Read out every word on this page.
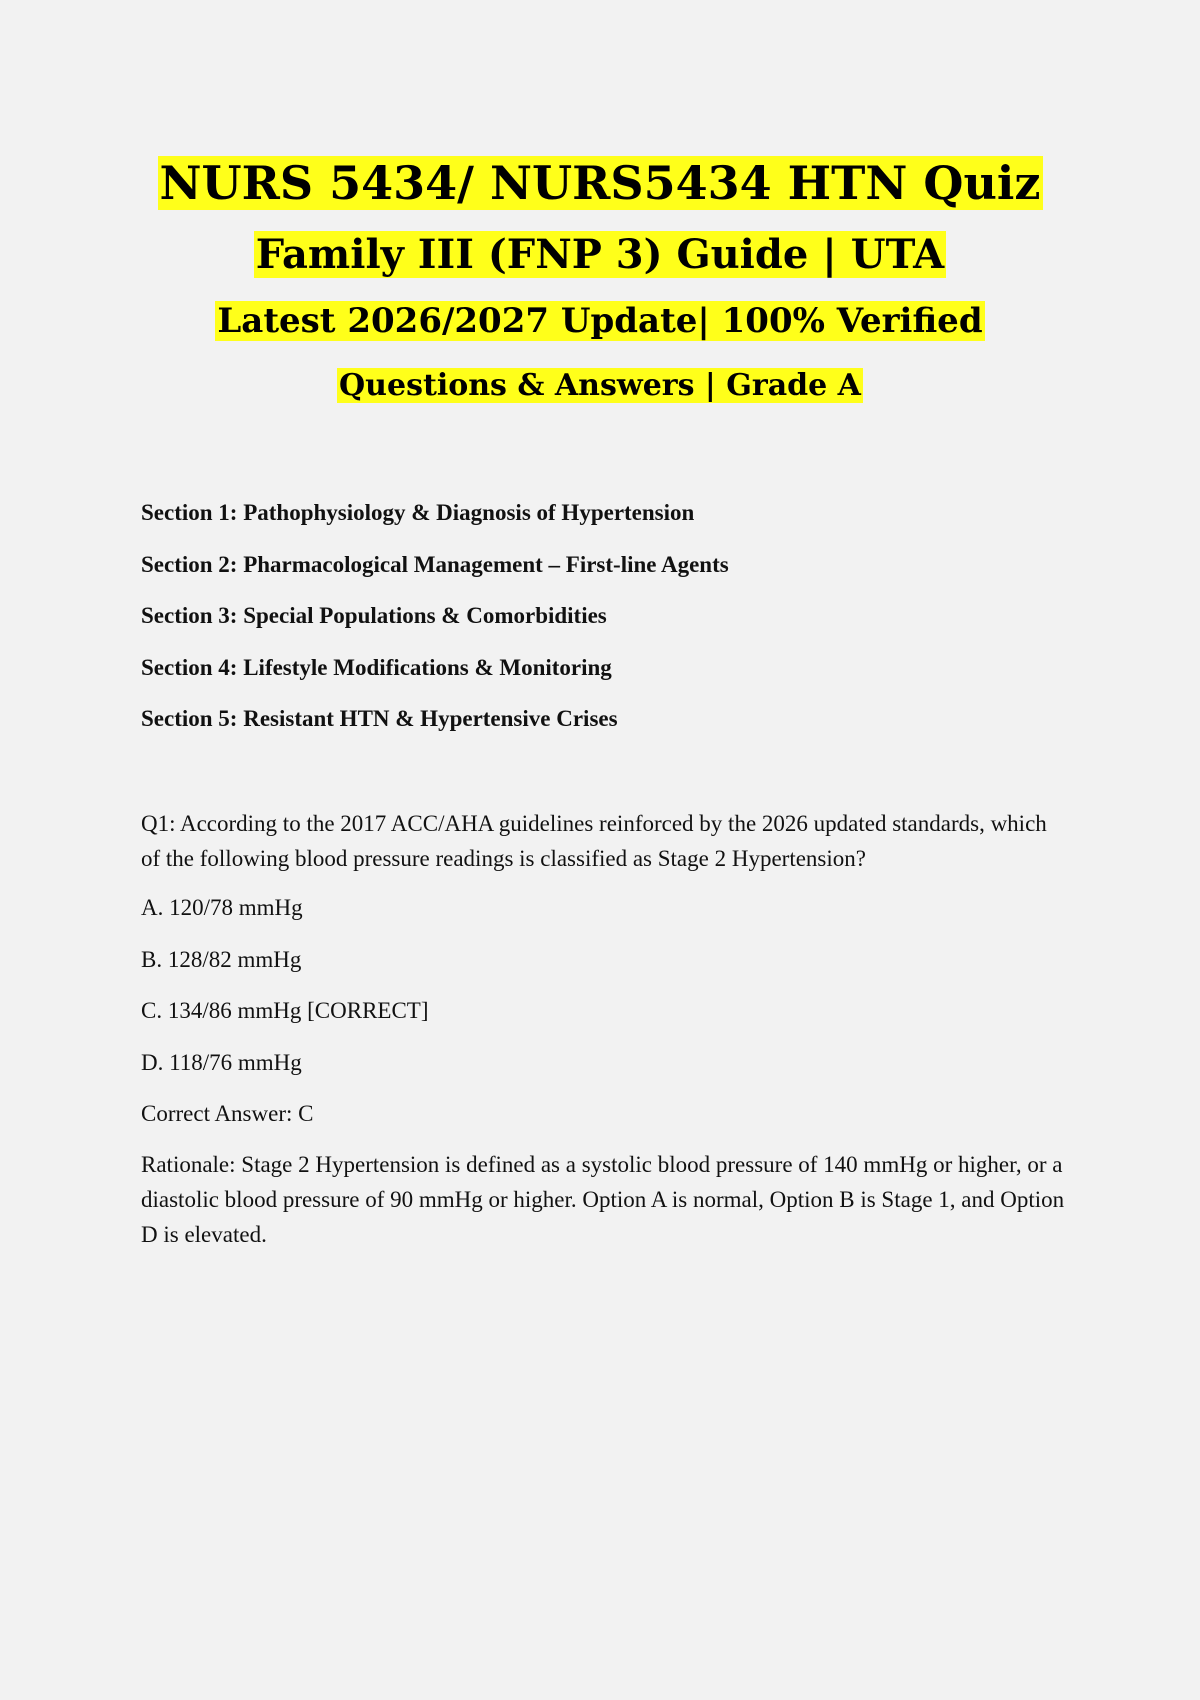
NURS 5434/ NURS5434 HTN Quiz
Family III (FNP 3) Guide | UTA
Latest 2026/2027 Update| 100% Verified
Questions & Answers | Grade A
Section 1: Pathophysiology & Diagnosis of Hypertension
Section 2: Pharmacological Management – First-line Agents
Section 3: Special Populations & Comorbidities
Section 4: Lifestyle Modifications & Monitoring
Section 5: Resistant HTN & Hypertensive Crises

Q1: According to the 2017 ACC/AHA guidelines reinforced by the 2026 updated standards, which of the following blood pressure readings is classified as Stage 2 Hypertension?

A. 120/78 mmHg
B. 128/82 mmHg
C. 134/86 mmHg [CORRECT]
D. 118/76 mmHg
Correct Answer: C

Rationale: Stage 2 Hypertension is defined as a systolic blood pressure of 140 mmHg or higher, or a diastolic blood pressure of 90 mmHg or higher. Option A is normal, Option B is Stage 1, and Option D is elevated.
